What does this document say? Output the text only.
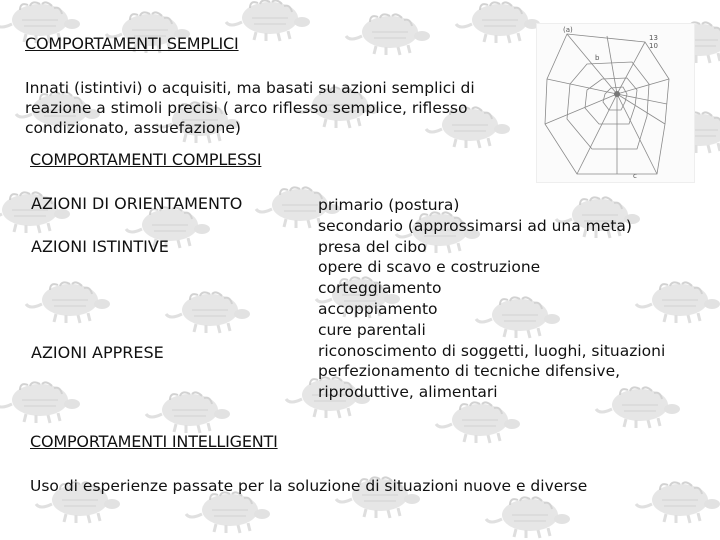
COMPORTAMENTI SEMPLICI
Innati (istintivi) o acquisiti, ma basati su azioni semplici di
reazione a stimoli precisi ( arco riflesso semplice, riflesso
condizionato, assuefazione)
(a)
b
10
13
c
COMPORTAMENTI COMPLESSI
AZIONI DI ORIENTAMENTO
AZIONI ISTINTIVE
AZIONI APPRESE
primario (postura)
secondario (approssimarsi ad una meta)
presa del cibo
opere di scavo e costruzione
corteggiamento
accoppiamento
cure parentali
riconoscimento di soggetti, luoghi, situazioni
perfezionamento di tecniche difensive,
riproduttive, alimentari
COMPORTAMENTI INTELLIGENTI
Uso di esperienze passate per la soluzione di situazioni nuove e diverse
